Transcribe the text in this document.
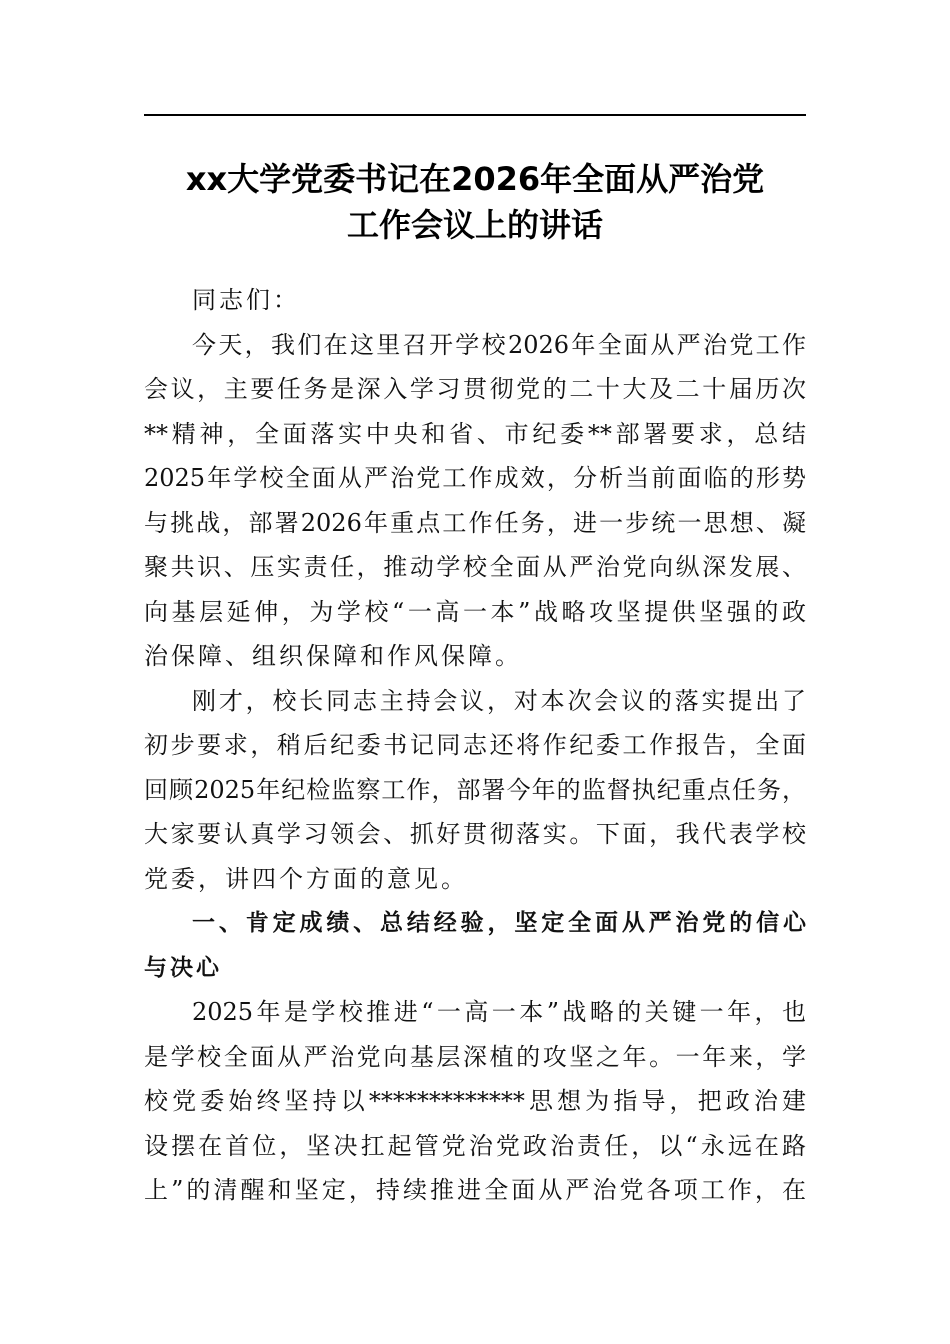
xx大学党委书记在2026年全面从严治党
工作会议上的讲话
同志们：
今天，我们在这里召开学校2026年全面从严治党工作
会议，主要任务是深入学习贯彻党的二十大及二十届历次
**精神，全面落实中央和省、市纪委**部署要求，总结
2025年学校全面从严治党工作成效，分析当前面临的形势
与挑战，部署2026年重点工作任务，进一步统一思想、凝
聚共识、压实责任，推动学校全面从严治党向纵深发展、
向基层延伸，为学校“一高一本”战略攻坚提供坚强的政
治保障、组织保障和作风保障。
刚才，校长同志主持会议，对本次会议的落实提出了
初步要求，稍后纪委书记同志还将作纪委工作报告，全面
回顾2025年纪检监察工作，部署今年的监督执纪重点任务，
大家要认真学习领会、抓好贯彻落实。下面，我代表学校
党委，讲四个方面的意见。
一、肯定成绩、总结经验，坚定全面从严治党的信心
与决心
2025年是学校推进“一高一本”战略的关键一年，也
是学校全面从严治党向基层深植的攻坚之年。一年来，学
校党委始终坚持以*************思想为指导，把政治建
设摆在首位，坚决扛起管党治党政治责任，以“永远在路
上”的清醒和坚定，持续推进全面从严治党各项工作，在
